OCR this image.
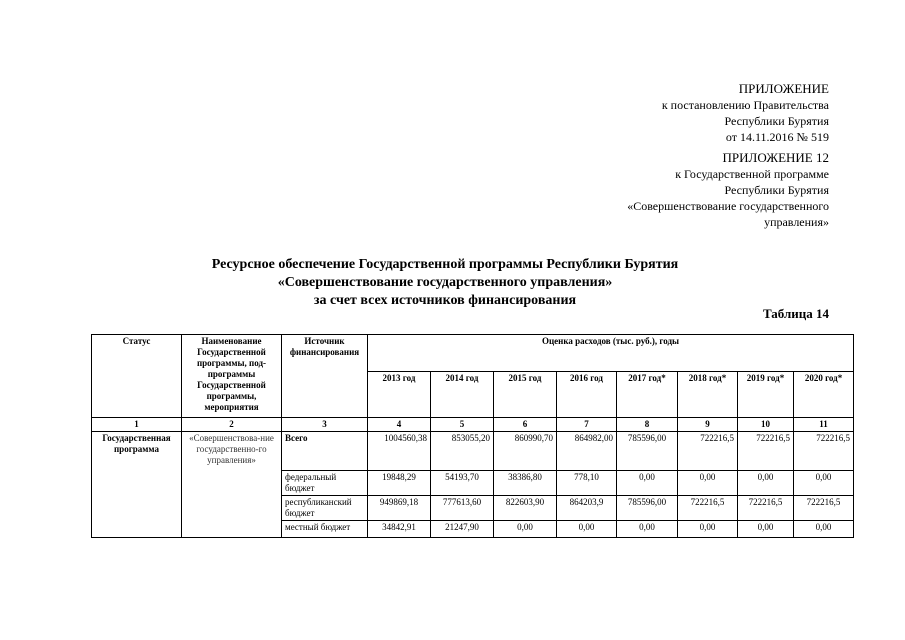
ПРИЛОЖЕНИЕ
к постановлению Правительства
Республики Бурятия
от 14.11.2016 № 519
ПРИЛОЖЕНИЕ 12
к Государственной программе
Республики Бурятия
«Совершенствование государственного
управления»
Ресурсное обеспечение Государственной программы Республики Бурятия
«Совершенствование государственного управления»
за счет всех источников финансирования
Таблица 14
Статус	Наименование Государственной программы, под-программы Государственной программы, мероприятия	Источник финансирования	Оценка расходов (тыс. руб.), годы							
			2013 год	2014 год	2015 год	2016 год	2017 год*	2018 год*	2019 год*	2020 год*
1	2	3	4	5	6	7	8	9	10	11
Государственная программа	«Совершенствова-ние государственно-го управления»	Всего	1004560,38	853055,20	860990,70	864982,00	785596,00	722216,5	722216,5	722216,5
		федеральный бюджет	19848,29	54193,70	38386,80	778,10	0,00	0,00	0,00	0,00
		республиканский бюджет	949869,18	777613,60	822603,90	864203,9	785596,00	722216,5	722216,5	722216,5
		местный бюджет	34842,91	21247,90	0,00	0,00	0,00	0,00	0,00	0,00
